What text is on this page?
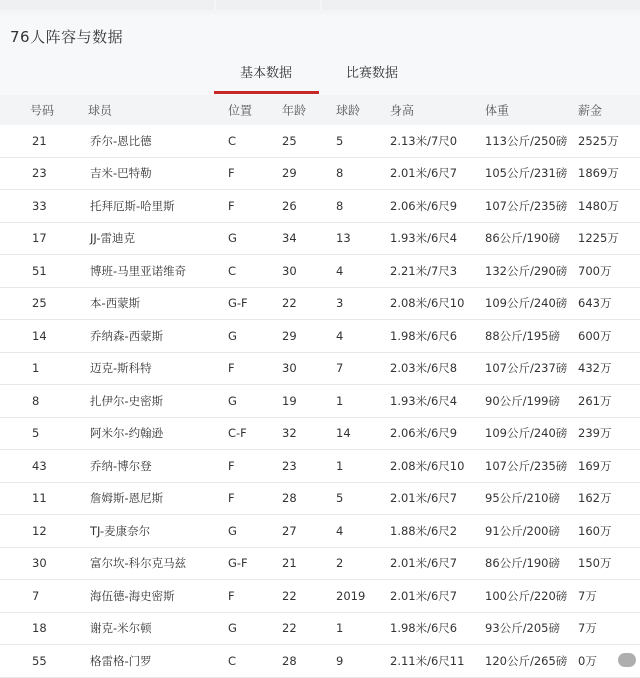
76人阵容与数据
基本数据	比赛数据
号码	球员	位置 年龄 球龄 身高	体重	薪金
21	乔尔-恩比德	C	25	5	2.13米/7尺0 113公斤/250磅 2525万
23	吉米-巴特勒	F	29	8	2.01米/6尺7 105公斤/231磅 1869万
33	托拜厄斯-哈里斯	F	26	8	2.06米/6尺9 107公斤/235磅 1480万
17	JJ-雷迪克	G	34	13	1.93米/6尺4 86公斤/190磅 1225万
51	博班-马里亚诺维奇	C	30	4	2.21米/7尺3 132公斤/290磅 700万
25	本-西蒙斯	G-F	22	3	2.08米/6尺10 109公斤/240磅 643万
14	乔纳森-西蒙斯	G	29	4	1.98米/6尺6 88公斤/195磅 600万
1	迈克-斯科特	F	30	7	2.03米/6尺8 107公斤/237磅 432万
8	扎伊尔-史密斯	G	19	1	1.93米/6尺4 90公斤/199磅 261万
5	阿米尔-约翰逊	C-F	32	14	2.06米/6尺9 109公斤/240磅 239万
43	乔纳-博尔登	F	23	1	2.08米/6尺10 107公斤/235磅 169万
11	詹姆斯-恩尼斯	F	28	5	2.01米/6尺7 95公斤/210磅 162万
12	TJ-麦康奈尔	G	27	4	1.88米/6尺2 91公斤/200磅 160万
30	富尔坎-科尔克马兹	G-F	21	2	2.01米/6尺7 86公斤/190磅 150万
7	海伍德-海史密斯	F	22	2019 2.01米/6尺7 100公斤/220磅 7万
18	谢克-米尔顿	G	22	1	1.98米/6尺6 93公斤/205磅 7万
55	格雷格-门罗	C	28	9	2.11米/6尺11 120公斤/265磅 0万
